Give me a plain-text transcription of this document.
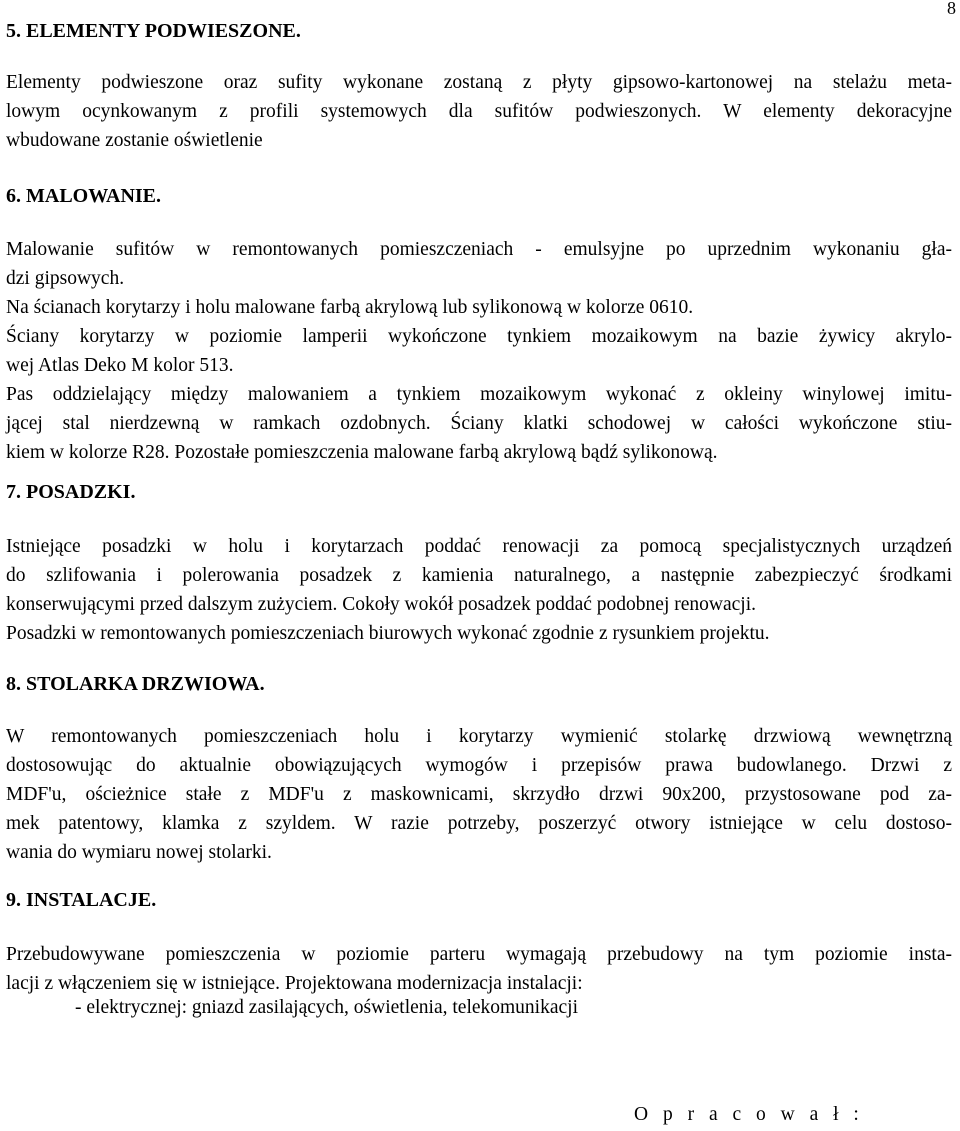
8
5. ELEMENTY PODWIESZONE.
Elementy podwieszone oraz sufity wykonane zostaną z płyty gipsowo-kartonowej na stelażu meta-
lowym ocynkowanym z profili systemowych dla sufitów podwieszonych. W elementy dekoracyjne
wbudowane zostanie oświetlenie
6. MALOWANIE.
Malowanie sufitów w remontowanych pomieszczeniach - emulsyjne po uprzednim wykonaniu gła-
dzi gipsowych.
Na ścianach korytarzy i holu malowane farbą akrylową lub sylikonową w kolorze 0610.
Ściany korytarzy w poziomie lamperii wykończone tynkiem mozaikowym na bazie żywicy akrylo-
wej Atlas Deko M kolor 513.
Pas oddzielający między malowaniem a tynkiem mozaikowym wykonać z okleiny winylowej imitu-
jącej stal nierdzewną w ramkach ozdobnych. Ściany klatki schodowej w całości wykończone stiu-
kiem w kolorze R28. Pozostałe pomieszczenia malowane farbą akrylową bądź sylikonową.
7. POSADZKI.
Istniejące posadzki w holu i korytarzach poddać renowacji za pomocą specjalistycznych urządzeń
do szlifowania i polerowania posadzek z kamienia naturalnego, a następnie zabezpieczyć środkami
konserwującymi przed dalszym zużyciem. Cokoły wokół posadzek poddać podobnej renowacji.
Posadzki w remontowanych pomieszczeniach biurowych wykonać zgodnie z rysunkiem projektu.
8. STOLARKA DRZWIOWA.
W remontowanych pomieszczeniach holu i korytarzy wymienić stolarkę drzwiową wewnętrzną
dostosowując do aktualnie obowiązujących wymogów i przepisów prawa budowlanego. Drzwi z
MDF'u, ościeżnice stałe z MDF'u z maskownicami, skrzydło drzwi 90x200, przystosowane pod za-
mek patentowy, klamka z szyldem. W razie potrzeby, poszerzyć otwory istniejące w celu dostoso-
wania do wymiaru nowej stolarki.
9. INSTALACJE.
Przebudowywane pomieszczenia w poziomie parteru wymagają przebudowy na tym poziomie insta-
lacji z włączeniem się w istniejące. Projektowana modernizacja instalacji:
- elektrycznej: gniazd zasilających, oświetlenia, telekomunikacji
O p r a c o w a ł :
